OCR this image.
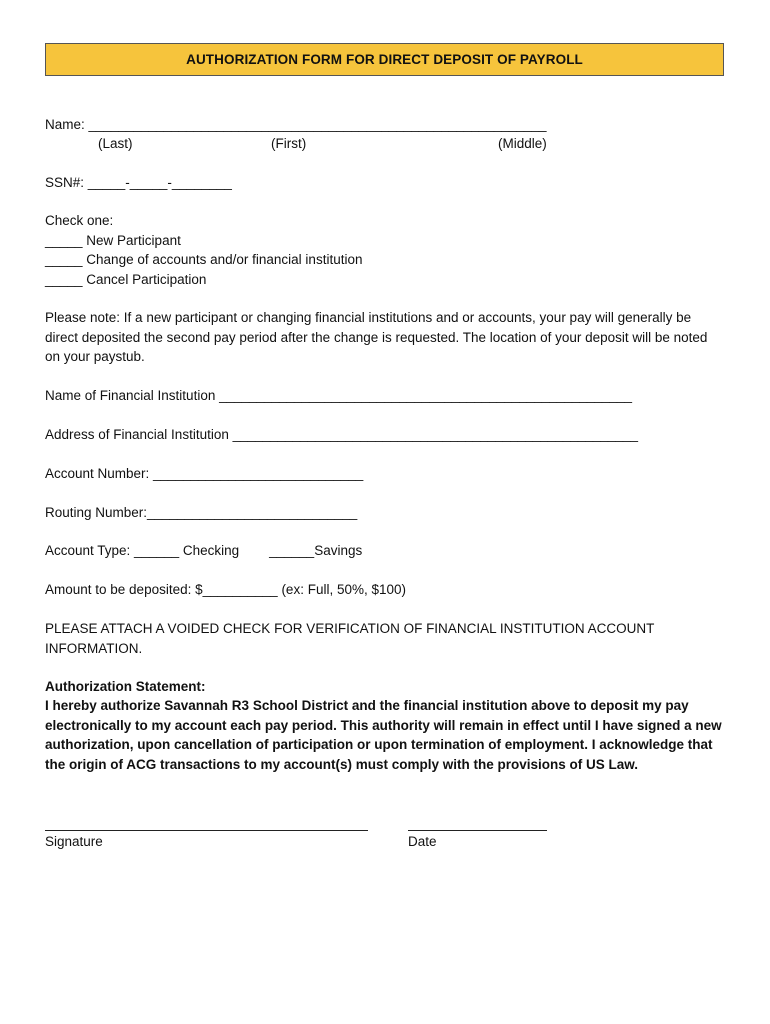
AUTHORIZATION FORM FOR DIRECT DEPOSIT OF PAYROLL
Name: _____________________________________________________________
(Last)	(First)	(Middle)
SSN#: _____-_____-________
Check one:
_____ New Participant
_____ Change of accounts and/or financial institution
_____ Cancel Participation
Please note: If a new participant or changing financial institutions and or accounts, your pay will generally be direct deposited the second pay period after the change is requested. The location of your deposit will be noted on your paystub.
Name of Financial Institution _______________________________________________________
Address of Financial Institution ______________________________________________________
Account Number: ____________________________
Routing Number:____________________________
Account Type: ______ Checking        ______Savings
Amount to be deposited: $__________ (ex: Full, 50%, $100)
PLEASE ATTACH A VOIDED CHECK FOR VERIFICATION OF FINANCIAL INSTITUTION ACCOUNT INFORMATION.
Authorization Statement:
I hereby authorize Savannah R3 School District and the financial institution above to deposit my pay electronically to my account each pay period. This authority will remain in effect until I have signed a new authorization, upon cancellation of participation or upon termination of employment. I acknowledge that the origin of ACG transactions to my account(s) must comply with the provisions of US Law.
Signature	Date
